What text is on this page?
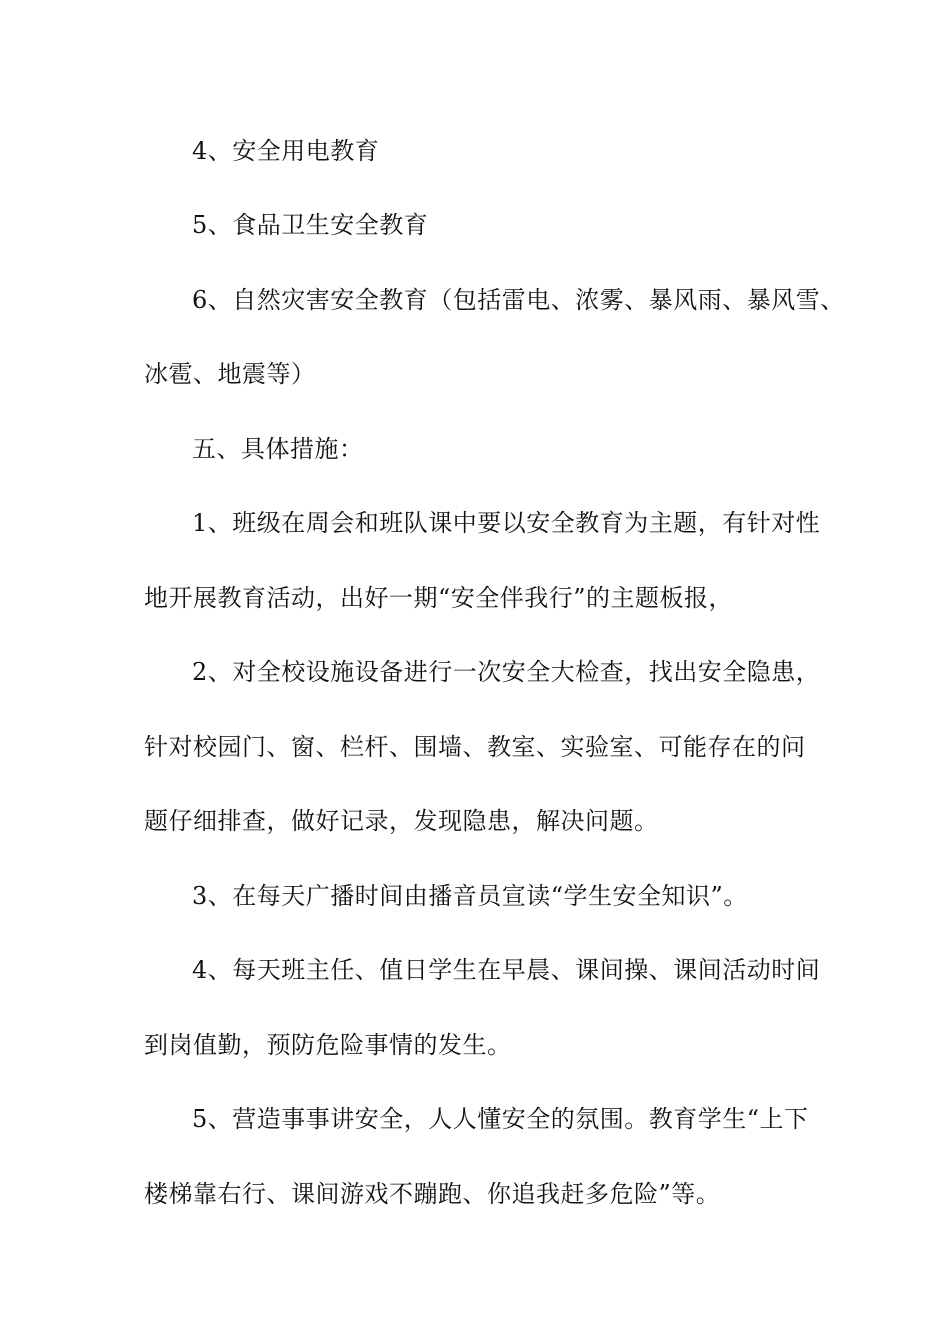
4、安全用电教育
5、食品卫生安全教育
6、自然灾害安全教育（包括雷电、浓雾、暴风雨、暴风雪、
冰雹、地震等）
五、具体措施：
1、班级在周会和班队课中要以安全教育为主题，有针对性
地开展教育活动，出好一期“安全伴我行”的主题板报，
2、对全校设施设备进行一次安全大检查，找出安全隐患，
针对校园门、窗、栏杆、围墙、教室、实验室、可能存在的问
题仔细排查，做好记录，发现隐患，解决问题。
3、在每天广播时间由播音员宣读“学生安全知识”。
4、每天班主任、值日学生在早晨、课间操、课间活动时间
到岗值勤，预防危险事情的发生。
5、营造事事讲安全，人人懂安全的氛围。教育学生“上下
楼梯靠右行、课间游戏不蹦跑、你追我赶多危险”等。
